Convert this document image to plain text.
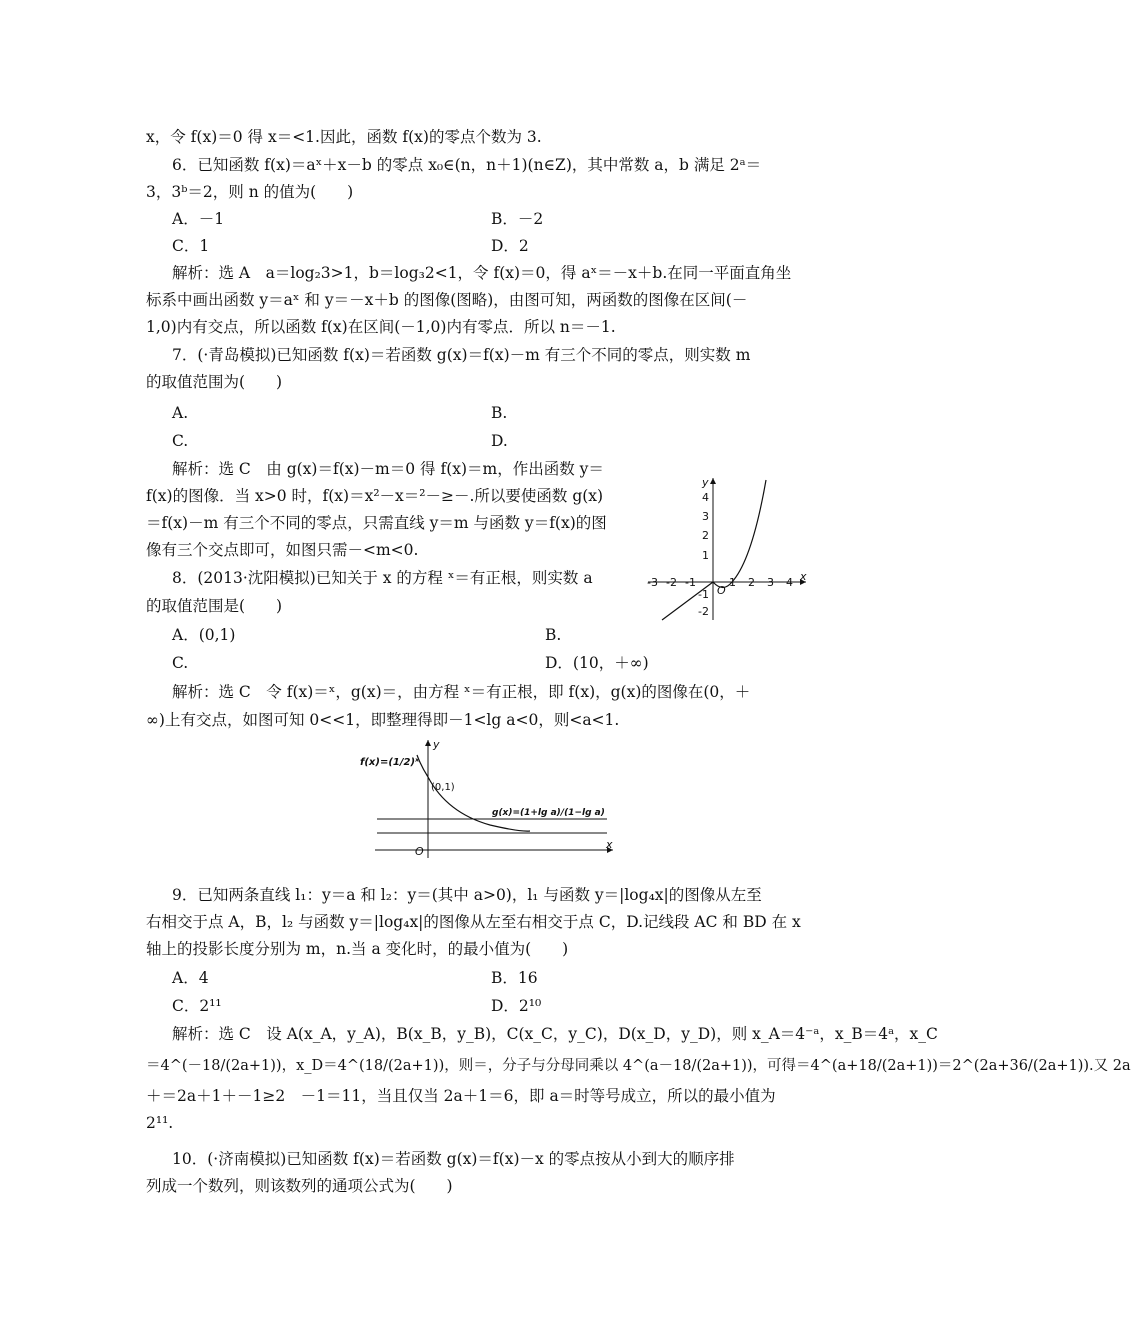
x，令 f(x)＝0 得 x＝<1.因此，函数 f(x)的零点个数为 3.
6．已知函数 f(x)＝aˣ＋x－b 的零点 x₀∈(n，n＋1)(n∈Z)，其中常数 a，b 满足 2ᵃ＝
3，3ᵇ＝2，则 n 的值为(　　)
A．－1	B．－2
C．1	D．2
解析：选 A　a＝log₂3>1，b＝log₃2<1，令 f(x)＝0，得 aˣ＝－x＋b.在同一平面直角坐
标系中画出函数 y＝aˣ 和 y＝－x＋b 的图像(图略)，由图可知，两函数的图像在区间(－
1,0)内有交点，所以函数 f(x)在区间(－1,0)内有零点．所以 n＝－1.
7．(·青岛模拟)已知函数 f(x)＝若函数 g(x)＝f(x)－m 有三个不同的零点，则实数 m
的取值范围为(　　)
A.	B.
C.	D.
解析：选 C　由 g(x)＝f(x)－m＝0 得 f(x)＝m，作出函数 y＝
f(x)的图像．当 x>0 时，f(x)＝x²－x＝²－≥－.所以要使函数 g(x)
＝f(x)－m 有三个不同的零点，只需直线 y＝m 与函数 y＝f(x)的图
像有三个交点即可，如图只需－<m<0.
8．(2013·沈阳模拟)已知关于 x 的方程 ˣ＝有正根，则实数 a
的取值范围是(　　)
A．(0,1)	B.
C.	D．(10，＋∞)
解析：选 C　令 f(x)＝ˣ，g(x)＝，由方程 ˣ＝有正根，即 f(x)，g(x)的图像在(0，＋
∞)上有交点，如图可知 0<<1，即整理得即－1<lg a<0，则<a<1.
9．已知两条直线 l₁：y＝a 和 l₂：y＝(其中 a>0)，l₁ 与函数 y＝|log₄x|的图像从左至
右相交于点 A，B，l₂ 与函数 y＝|log₄x|的图像从左至右相交于点 C，D.记线段 AC 和 BD 在 x
轴上的投影长度分别为 m，n.当 a 变化时，的最小值为(　　)
A．4	B．16
C．2¹¹	D．2¹⁰
解析：选 C　设 A(x_A，y_A)，B(x_B，y_B)，C(x_C，y_C)，D(x_D，y_D)，则 x_A＝4⁻ᵃ，x_B＝4ᵃ，x_C
＝4^(－18/(2a+1))，x_D＝4^(18/(2a+1))，则＝，分子与分母同乘以 4^(a－18/(2a+1))，可得＝4^(a+18/(2a+1))＝2^(2a+36/(2a+1)).又 2a
＋＝2a＋1＋－1≥2　－1＝11，当且仅当 2a＋1＝6，即 a＝时等号成立，所以的最小值为
2¹¹.
10．(·济南模拟)已知函数 f(x)＝若函数 g(x)＝f(x)－x 的零点按从小到大的顺序排
列成一个数列，则该数列的通项公式为(　　)
x
y
O
-3 -2 -1	1 2 3 4
4
3
2
1
-1
-2
y
x
O
f(x)=(1/2)ˣ
(0,1)
g(x)=(1+lg a)/(1−lg a)
